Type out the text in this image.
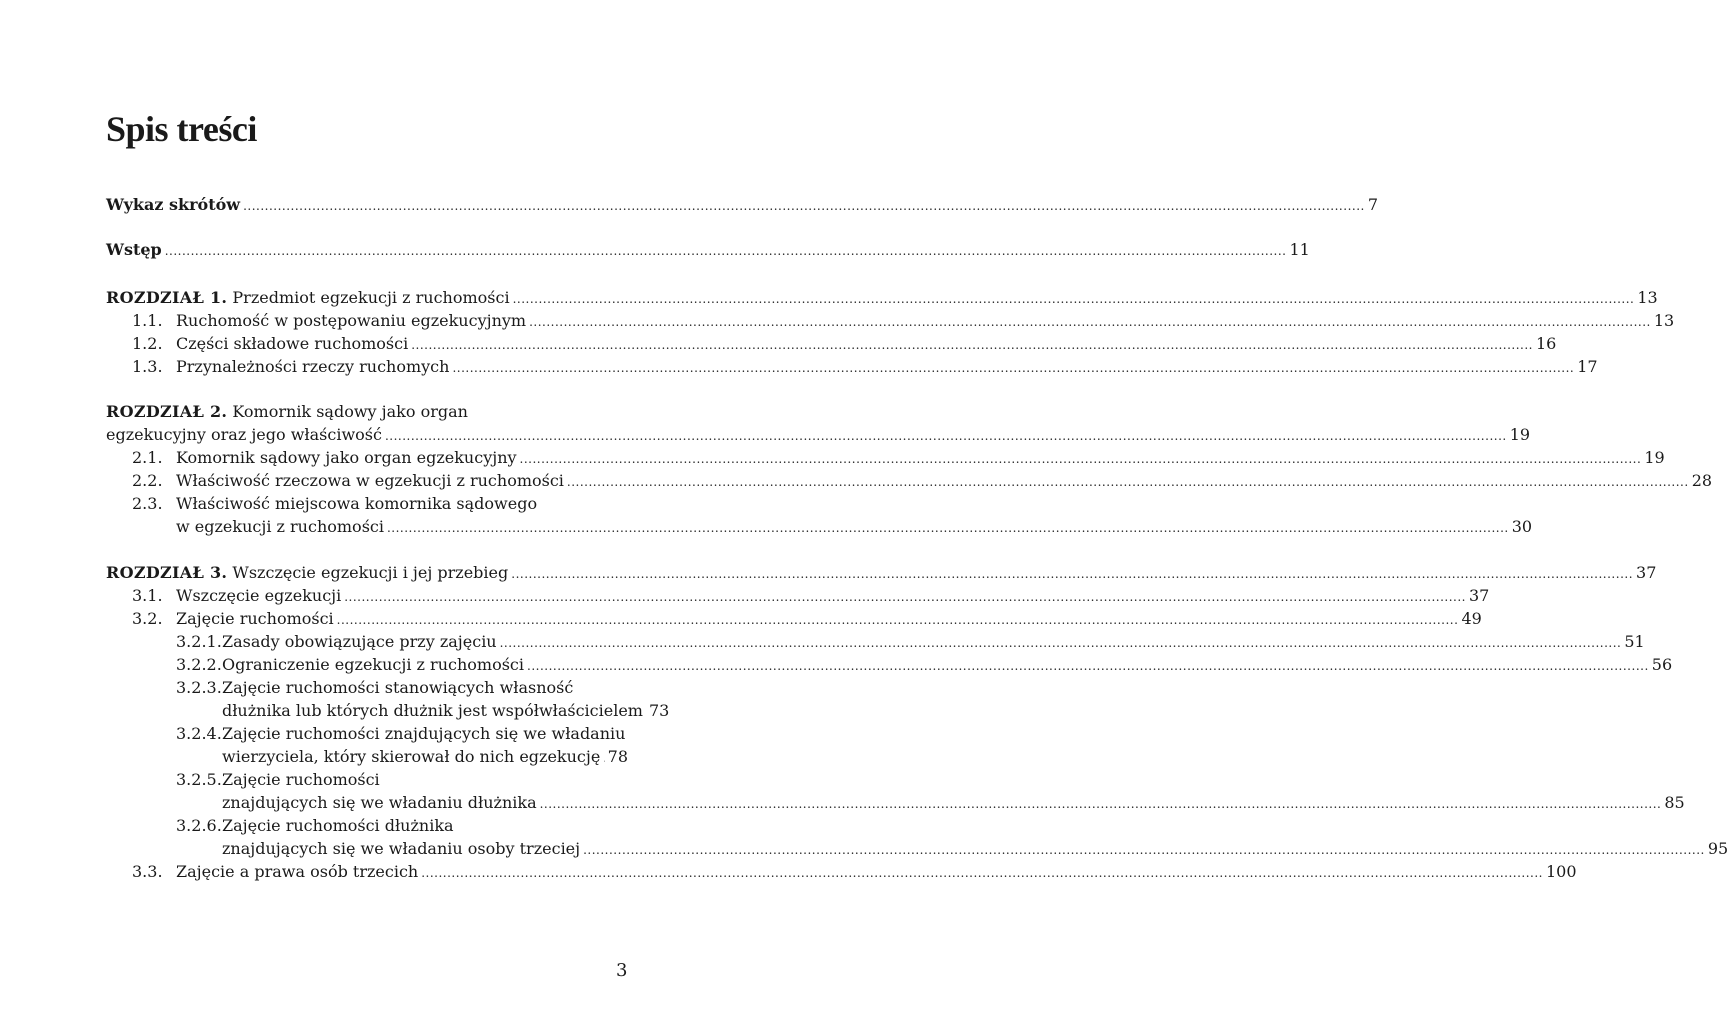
Spis treści
Wykaz skrótów .....	7
Wstęp .....	11
ROZDZIAŁ 1. Przedmiot egzekucji z ruchomości .....	13
1.1. Ruchomość w postępowaniu egzekucyjnym .....	13
1.2. Części składowe ruchomości .....	16
1.3. Przynależności rzeczy ruchomych .....	17
ROZDZIAŁ 2. Komornik sądowy jako organ
egzekucyjny oraz jego właściwość .....	19
2.1. Komornik sądowy jako organ egzekucyjny .....	19
2.2. Właściwość rzeczowa w egzekucji z ruchomości .....	28
2.3. Właściwość miejscowa komornika sądowego
w egzekucji z ruchomości .....	30
ROZDZIAŁ 3. Wszczęcie egzekucji i jej przebieg .....	37
3.1. Wszczęcie egzekucji .....	37
3.2. Zajęcie ruchomości .....	49
3.2.1. Zasady obowiązujące przy zajęciu .....	51
3.2.2. Ograniczenie egzekucji z ruchomości .....	56
3.2.3. Zajęcie ruchomości stanowiących własność
dłużnika lub których dłużnik jest współwłaścicielem 73
3.2.4. Zajęcie ruchomości znajdujących się we władaniu
wierzyciela, który skierował do nich egzekucję ..... 78
3.2.5. Zajęcie ruchomości
znajdujących się we władaniu dłużnika .....	85
3.2.6. Zajęcie ruchomości dłużnika
znajdujących się we władaniu osoby trzeciej .....	95
3.3. Zajęcie a prawa osób trzecich .....	100
3
